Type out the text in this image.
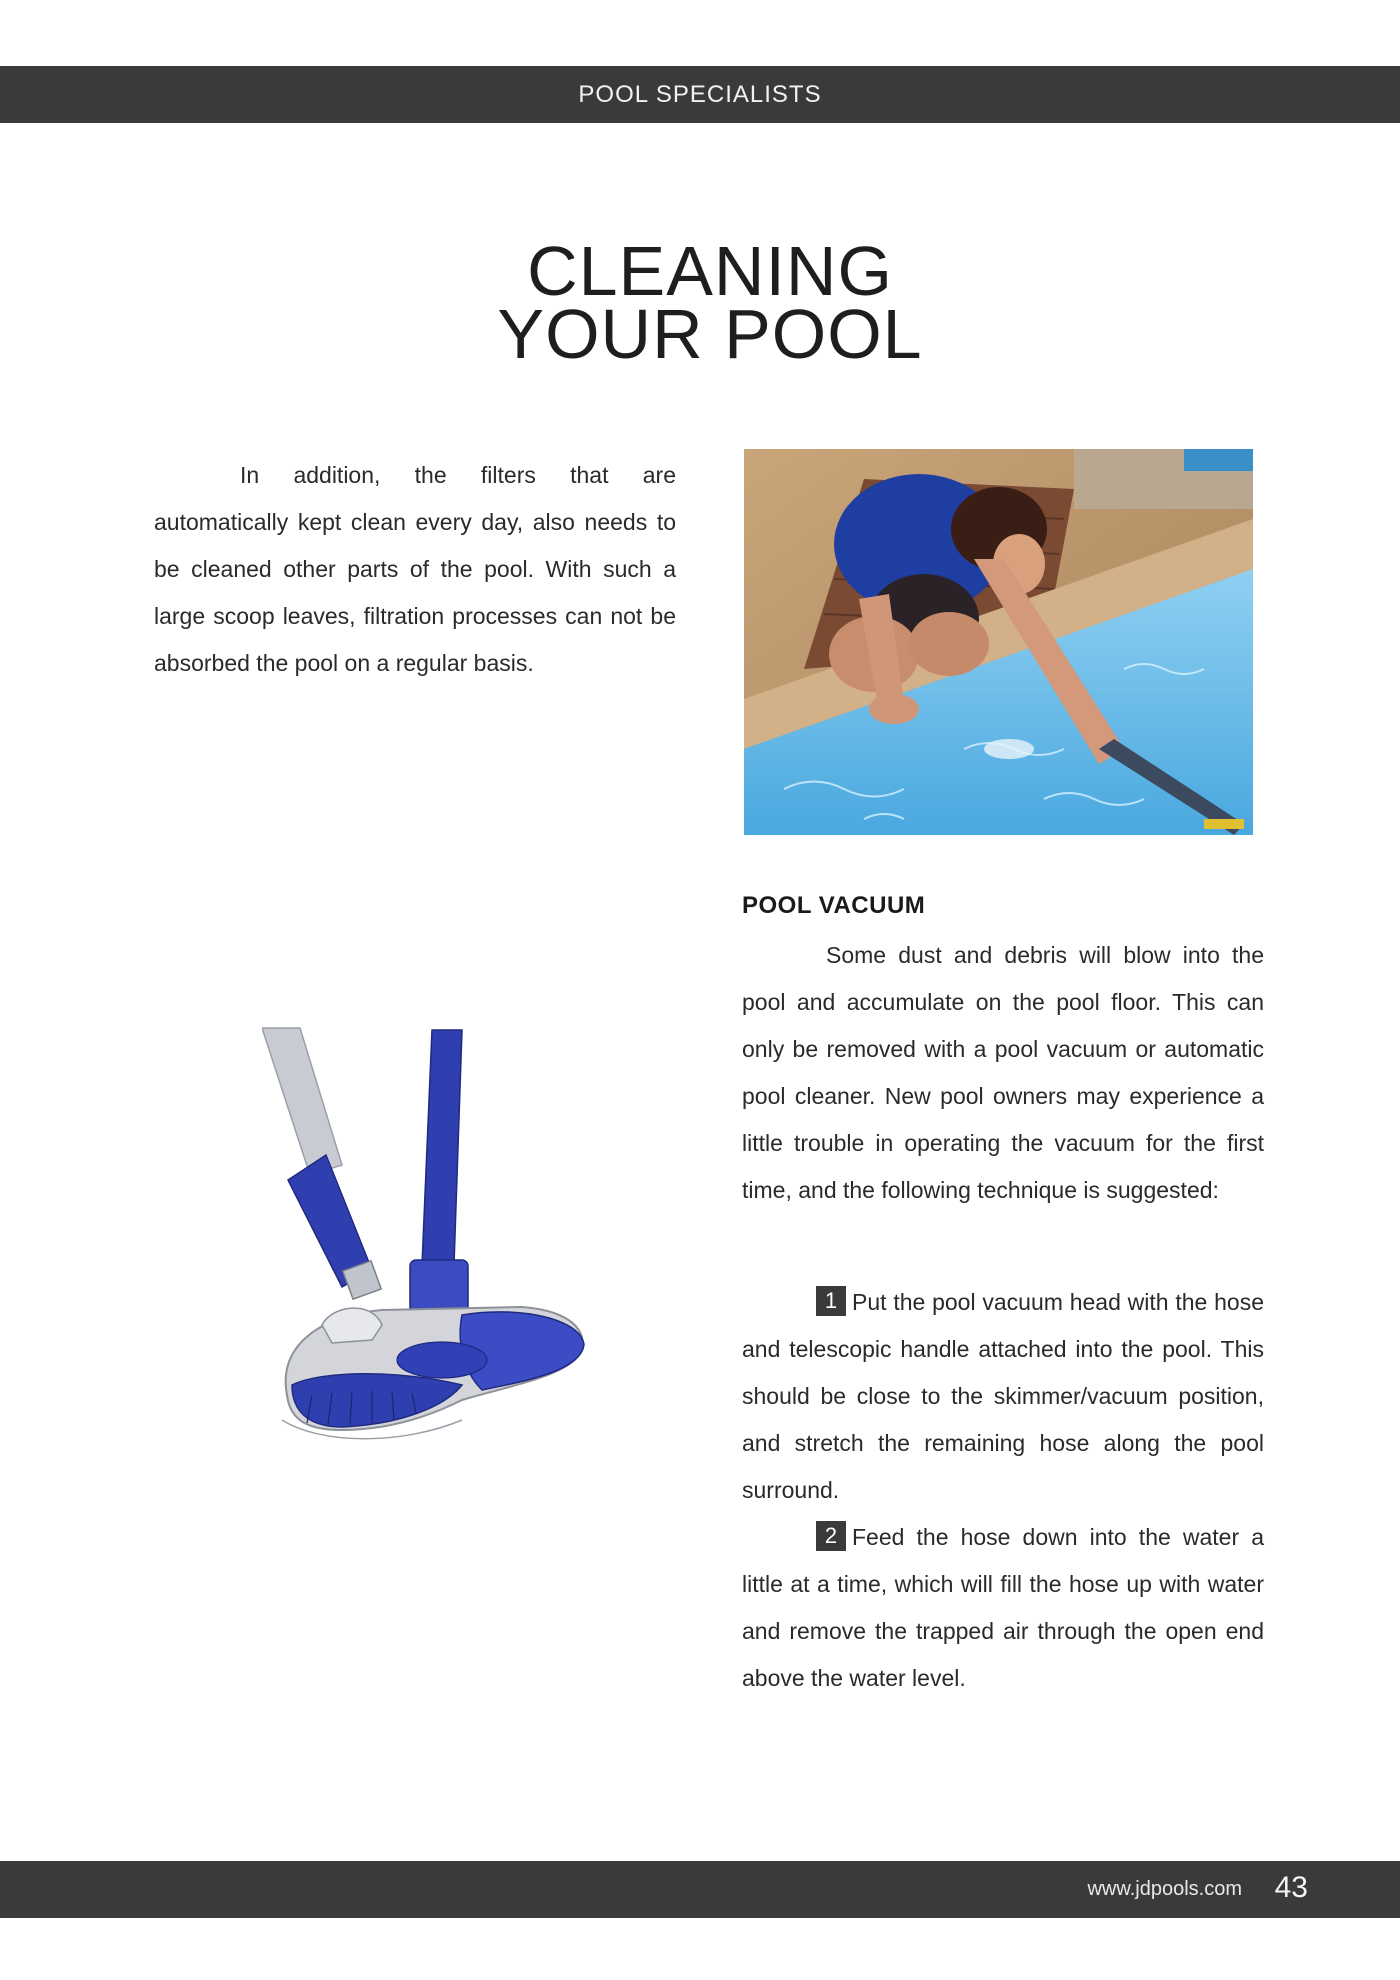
POOL SPECIALISTS
CLEANING
YOUR POOL

In addition, the filters that are automatically kept clean every day, also needs to be cleaned other parts of the pool. With such a large scoop leaves, filtration processes can not be absorbed the pool on a regular basis.

POOL VACUUM

Some dust and debris will blow into the pool and accumulate on the pool floor. This can only be removed with a pool vacuum or automatic pool cleaner. New pool owners may experience a little trouble in operating the vacuum for the first time, and the following technique is suggested:

1 Put the pool vacuum head with the hose and telescopic handle attached into the pool. This should be close to the skimmer/vacuum position, and stretch the remaining hose along the pool surround.

2 Feed the hose down into the water a little at a time, which will fill the hose up with water and remove the trapped air through the open end above the water level.

www.jdpools.com 43
